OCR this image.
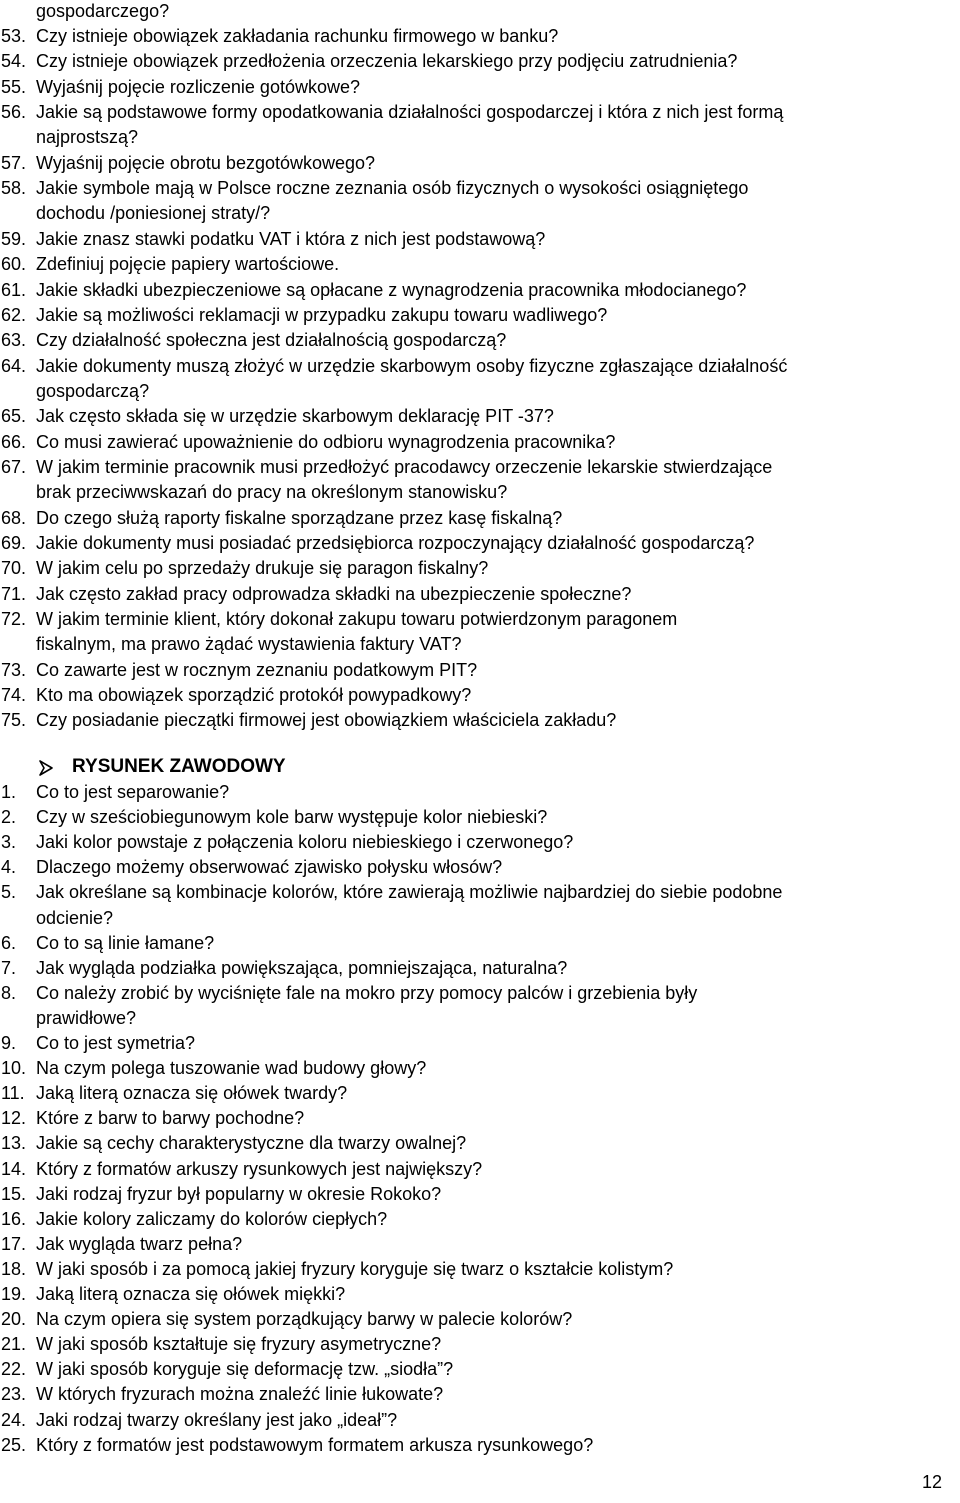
gospodarczego?
53. Czy istnieje obowiązek zakładania rachunku firmowego w banku?
54. Czy istnieje obowiązek przedłożenia orzeczenia lekarskiego przy podjęciu zatrudnienia?
55. Wyjaśnij pojęcie rozliczenie gotówkowe?
56. Jakie są podstawowe formy opodatkowania działalności gospodarczej i która z nich jest formą
najprostszą?
57. Wyjaśnij pojęcie obrotu bezgotówkowego?
58. Jakie symbole mają w Polsce roczne zeznania osób fizycznych o wysokości osiągniętego
dochodu /poniesionej straty/?
59. Jakie znasz stawki podatku VAT i która z nich jest podstawową?
60. Zdefiniuj pojęcie papiery wartościowe.
61. Jakie składki ubezpieczeniowe są opłacane z wynagrodzenia pracownika młodocianego?
62. Jakie są możliwości reklamacji w przypadku zakupu towaru wadliwego?
63. Czy działalność społeczna jest działalnością gospodarczą?
64. Jakie dokumenty muszą złożyć w urzędzie skarbowym osoby fizyczne zgłaszające działalność
gospodarczą?
65. Jak często składa się w urzędzie skarbowym deklarację PIT -37?
66. Co musi zawierać upoważnienie do odbioru wynagrodzenia pracownika?
67. W jakim terminie pracownik musi przedłożyć pracodawcy orzeczenie lekarskie stwierdzające
brak przeciwwskazań do pracy na określonym stanowisku?
68. Do czego służą raporty fiskalne sporządzane przez kasę fiskalną?
69. Jakie dokumenty musi posiadać przedsiębiorca rozpoczynający działalność gospodarczą?
70. W jakim celu po sprzedaży drukuje się paragon fiskalny?
71. Jak często zakład pracy odprowadza składki na ubezpieczenie społeczne?
72. W jakim terminie klient, który dokonał zakupu towaru potwierdzonym paragonem
fiskalnym, ma prawo żądać wystawienia faktury VAT?
73. Co zawarte jest w rocznym zeznaniu podatkowym PIT?
74. Kto ma obowiązek sporządzić protokół powypadkowy?
75. Czy posiadanie pieczątki firmowej jest obowiązkiem właściciela zakładu?
RYSUNEK ZAWODOWY
1. Co to jest separowanie?
2. Czy w sześciobiegunowym kole barw występuje kolor niebieski?
3. Jaki kolor powstaje z połączenia koloru niebieskiego i czerwonego?
4. Dlaczego możemy obserwować zjawisko połysku włosów?
5. Jak określane są kombinacje kolorów, które zawierają możliwie najbardziej do siebie podobne
odcienie?
6. Co to są linie łamane?
7. Jak wygląda podziałka powiększająca, pomniejszająca, naturalna?
8. Co należy zrobić by wyciśnięte fale na mokro przy pomocy palców i grzebienia były
prawidłowe?
9. Co to jest symetria?
10. Na czym polega tuszowanie wad budowy głowy?
11. Jaką literą oznacza się ołówek twardy?
12. Które z barw to barwy pochodne?
13. Jakie są cechy charakterystyczne dla twarzy owalnej?
14. Który z formatów arkuszy rysunkowych jest największy?
15. Jaki rodzaj fryzur był popularny w okresie Rokoko?
16. Jakie kolory zaliczamy do kolorów ciepłych?
17. Jak wygląda twarz pełna?
18. W jaki sposób i za pomocą jakiej fryzury koryguje się twarz o kształcie kolistym?
19. Jaką literą oznacza się ołówek miękki?
20. Na czym opiera się system porządkujący barwy w palecie kolorów?
21. W jaki sposób kształtuje się fryzury asymetryczne?
22. W jaki sposób koryguje się deformację tzw. „siodła”?
23. W których fryzurach można znaleźć linie łukowate?
24. Jaki rodzaj twarzy określany jest jako „ideał”?
25. Który z formatów jest podstawowym formatem arkusza rysunkowego?
12
